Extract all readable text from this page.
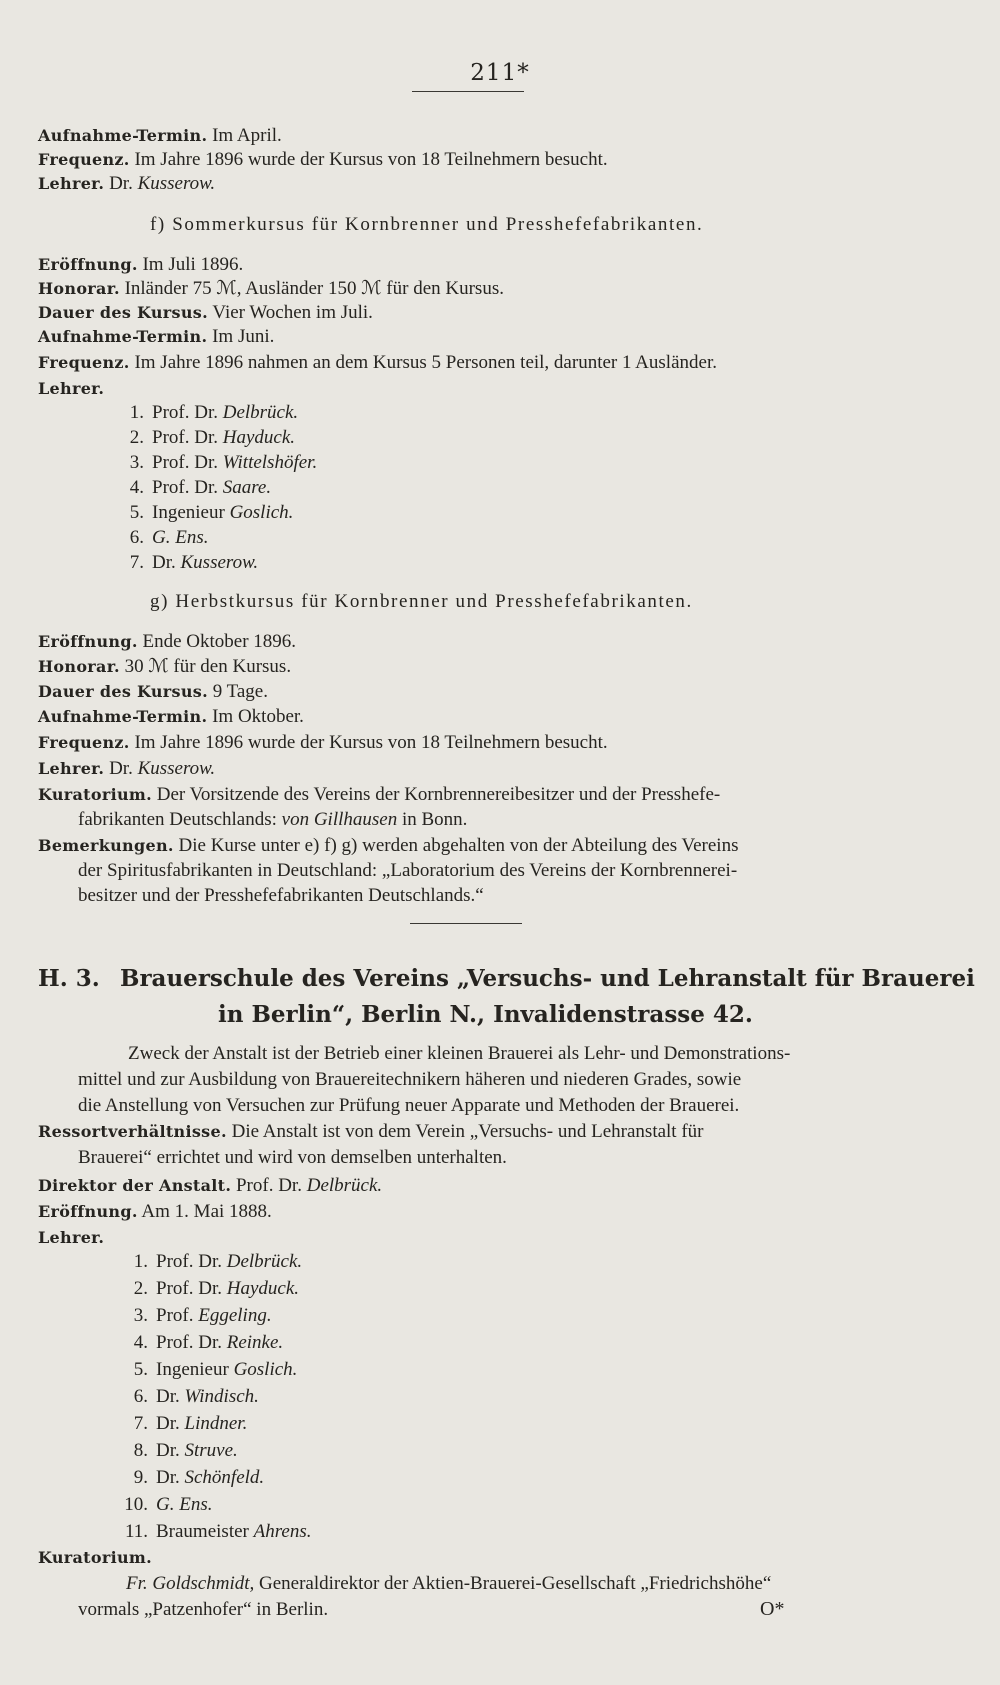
211*
Aufnahme-Termin. Im April.
Frequenz. Im Jahre 1896 wurde der Kursus von 18 Teilnehmern besucht.
Lehrer. Dr. Kusserow.
f) Sommerkursus für Kornbrenner und Presshefefabrikanten.
Eröffnung. Im Juli 1896.
Honorar. Inländer 75 ℳ, Ausländer 150 ℳ für den Kursus.
Dauer des Kursus. Vier Wochen im Juli.
Aufnahme-Termin. Im Juni.
Frequenz. Im Jahre 1896 nahmen an dem Kursus 5 Personen teil, darunter 1 Ausländer.
Lehrer.
1. Prof. Dr. Delbrück.
2. Prof. Dr. Hayduck.
3. Prof. Dr. Wittelshöfer.
4. Prof. Dr. Saare.
5. Ingenieur Goslich.
6. G. Ens.
7. Dr. Kusserow.
g) Herbstkursus für Kornbrenner und Presshefefabrikanten.
Eröffnung. Ende Oktober 1896.
Honorar. 30 ℳ für den Kursus.
Dauer des Kursus. 9 Tage.
Aufnahme-Termin. Im Oktober.
Frequenz. Im Jahre 1896 wurde der Kursus von 18 Teilnehmern besucht.
Lehrer. Dr. Kusserow.
Kuratorium. Der Vorsitzende des Vereins der Kornbrennereibesitzer und der Presshefe-
fabrikanten Deutschlands: von Gillhausen in Bonn.
Bemerkungen. Die Kurse unter e) f) g) werden abgehalten von der Abteilung des Vereins
der Spiritusfabrikanten in Deutschland: „Laboratorium des Vereins der Kornbrennerei-
besitzer und der Presshefefabrikanten Deutschlands.“
H. 3. Brauerschule des Vereins „Versuchs- und Lehranstalt für Brauerei
in Berlin“, Berlin N., Invalidenstrasse 42.
Zweck der Anstalt ist der Betrieb einer kleinen Brauerei als Lehr- und Demonstrations-
mittel und zur Ausbildung von Brauereitechnikern häheren und niederen Grades, sowie
die Anstellung von Versuchen zur Prüfung neuer Apparate und Methoden der Brauerei.
Ressortverhältnisse. Die Anstalt ist von dem Verein „Versuchs- und Lehranstalt für
Brauerei“ errichtet und wird von demselben unterhalten.
Direktor der Anstalt. Prof. Dr. Delbrück.
Eröffnung. Am 1. Mai 1888.
Lehrer.
1. Prof. Dr. Delbrück.
2. Prof. Dr. Hayduck.
3. Prof. Eggeling.
4. Prof. Dr. Reinke.
5. Ingenieur Goslich.
6. Dr. Windisch.
7. Dr. Lindner.
8. Dr. Struve.
9. Dr. Schönfeld.
10. G. Ens.
11. Braumeister Ahrens.
Kuratorium.
Fr. Goldschmidt, Generaldirektor der Aktien-Brauerei-Gesellschaft „Friedrichshöhe“
vormals „Patzenhofer“ in Berlin.	O*
